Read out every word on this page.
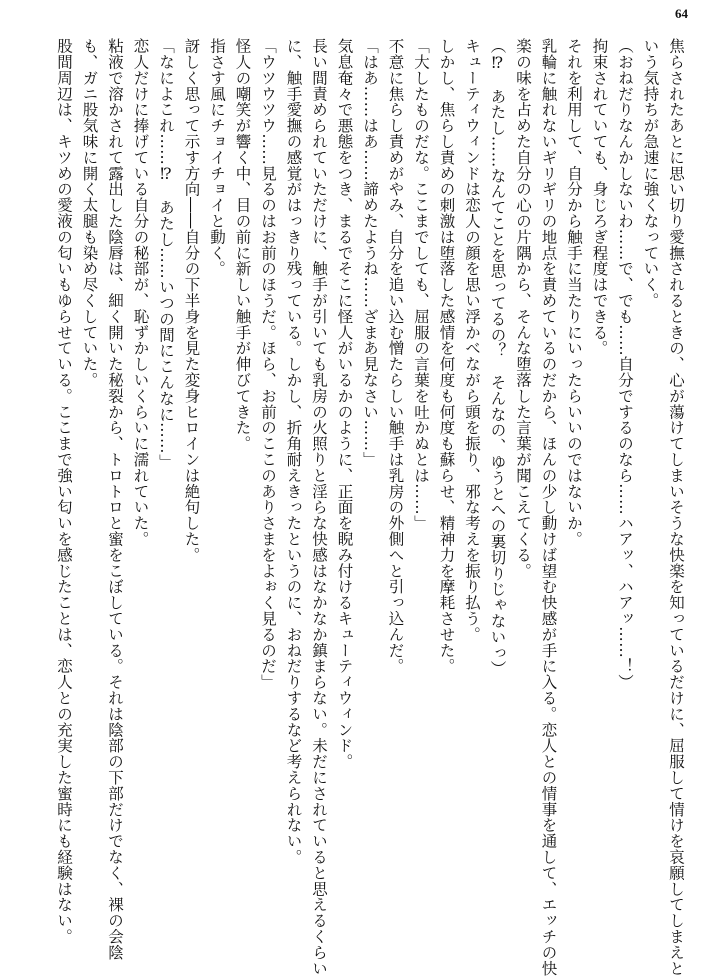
64
焦らされたあとに思い切り愛撫されるときの、心が蕩けてしまいそうな快楽を知っているだけに、屈服して情けを哀願してしまえと
いう気持ちが急速に強くなっていく。
（おねだりなんかしないわ……で、でも……自分でするのなら……ハアッ、ハアッ……！）
拘束されていても、身じろぎ程度はできる。
それを利用して、自分から触手に当たりにいったらいいのではないか。
乳輪に触れないギリギリの地点を責めているのだから、ほんの少し動けば望む快感が手に入る。恋人との情事を通して、エッチの快
楽の味を占めた自分の心の片隅から、そんな堕落した言葉が聞こえてくる。
（⁉　あたし……なんてことを思ってるの？　そんなの、ゆうとへの裏切りじゃないっ）
キューティウィンドは恋人の顔を思い浮かべながら頭を振り、邪な考えを振り払う。
しかし、焦らし責めの刺激は堕落した感情を何度も何度も蘇らせ、精神力を摩耗させた。
「大したものだな。ここまでしても、屈服の言葉を吐かぬとは……」
不意に焦らし責めがやみ、自分を追い込む憎たらしい触手は乳房の外側へと引っ込んだ。
「はあ……はあ……諦めたようね……ざまあ見なさい……」
気息奄々で悪態をつき、まるでそこに怪人がいるかのように、正面を睨み付けるキューティウィンド。
長い間責められていただけに、触手が引いても乳房の火照りと淫らな快感はなかなか鎮まらない。未だにされていると思えるくらい
に、触手愛撫の感覚がはっきり残っている。しかし、折角耐えきったというのに、おねだりするなど考えられない。
「ウツウツウ……見るのはお前のほうだ。ほら、お前のここのありさまをよぉく見るのだ」
怪人の嘲笑が響く中、目の前に新しい触手が伸びてきた。
指さす風にチョイチョイと動く。
訝しく思って示す方向――自分の下半身を見た変身ヒロインは絶句した。
「なによこれ……⁉　あたし……いつの間にこんなに……」
恋人だけに捧げている自分の秘部が、恥ずかしいくらいに濡れていた。
粘液で溶かされて露出した陰唇は、細く開いた秘裂から、トロトロと蜜をこぼしている。それは陰部の下部だけでなく、裸の会陰
も、ガニ股気味に開く太腿も染め尽くしていた。
股間周辺は、キツめの愛液の匂いもゆらせている。ここまで強い匂いを感じたことは、恋人との充実した蜜時にも経験はない。
